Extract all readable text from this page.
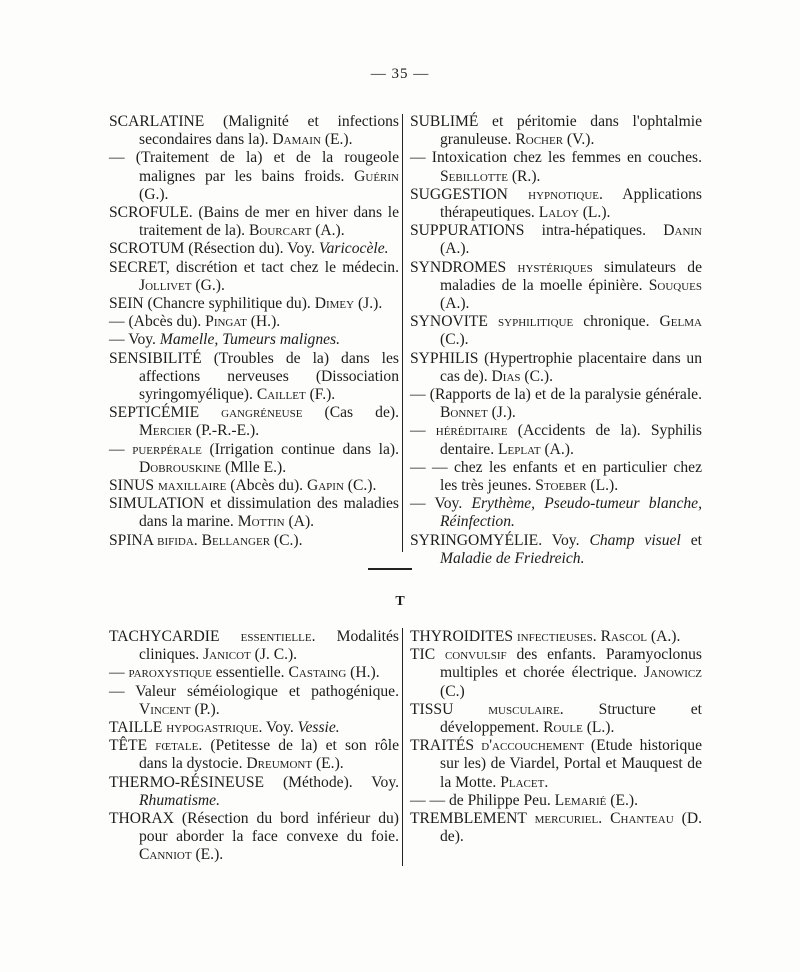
— 35 —
SCARLATINE (Malignité et infections secondaires dans la). Damain (E.).
— (Traitement de la) et de la rougeole malignes par les bains froids. Guérin (G.).
SCROFULE. (Bains de mer en hiver dans le traitement de la). Bourcart (A.).
SCROTUM (Résection du). Voy. Varicocèle.
SECRET, discrétion et tact chez le médecin. Jollivet (G.).
SEIN (Chancre syphilitique du). Dimey (J.).
— (Abcès du). Pingat (H.).
— Voy. Mamelle, Tumeurs malignes.
SENSIBILITÉ (Troubles de la) dans les affections nerveuses (Dissociation syringomyélique). Caillet (F.).
SEPTICÉMIE gangréneuse (Cas de). Mercier (P.-R.-E.).
— puerpérale (Irrigation continue dans la). Dobrouskine (Mlle E.).
SINUS maxillaire (Abcès du). Gapin (C.).
SIMULATION et dissimulation des maladies dans la marine. Mottin (A).
SPINA bifida. Bellanger (C.).
SUBLIMÉ et péritomie dans l'ophtalmie granuleuse. Rocher (V.).
— Intoxication chez les femmes en couches. Sebillotte (R.).
SUGGESTION hypnotique. Applications thérapeutiques. Laloy (L.).
SUPPURATIONS intra-hépatiques. Danin (A.).
SYNDROMES hystériques simulateurs de maladies de la moelle épinière. Souques (A.).
SYNOVITE syphilitique chronique. Gelma (C.).
SYPHILIS (Hypertrophie placentaire dans un cas de). Dias (C.).
— (Rapports de la) et de la paralysie générale. Bonnet (J.).
— héréditaire (Accidents de la). Syphilis dentaire. Leplat (A.).
— — chez les enfants et en particulier chez les très jeunes. Stoeber (L.).
— Voy. Erythème, Pseudo-tumeur blanche, Réinfection.
SYRINGOMYÉLIE. Voy. Champ visuel et Maladie de Friedreich.
T
TACHYCARDIE essentielle. Modalités cliniques. Janicot (J. C.).
— paroxystique essentielle. Castaing (H.).
— Valeur séméiologique et pathogénique. Vincent (P.).
TAILLE hypogastrique. Voy. Vessie.
TÊTE fœtale. (Petitesse de la) et son rôle dans la dystocie. Dreumont (E.).
THERMO-RÉSINEUSE (Méthode). Voy. Rhumatisme.
THORAX (Résection du bord inférieur du) pour aborder la face convexe du foie. Canniot (E.).
THYROIDITES infectieuses. Rascol (A.).
TIC convulsif des enfants. Paramyoclonus multiples et chorée électrique. Janowicz (C.)
TISSU musculaire. Structure et développement. Roule (L.).
TRAITÉS d'accouchement (Etude historique sur les) de Viardel, Portal et Mauquest de la Motte. Placet.
— — de Philippe Peu. Lemarié (E.).
TREMBLEMENT mercuriel. Chanteau (D. de).
